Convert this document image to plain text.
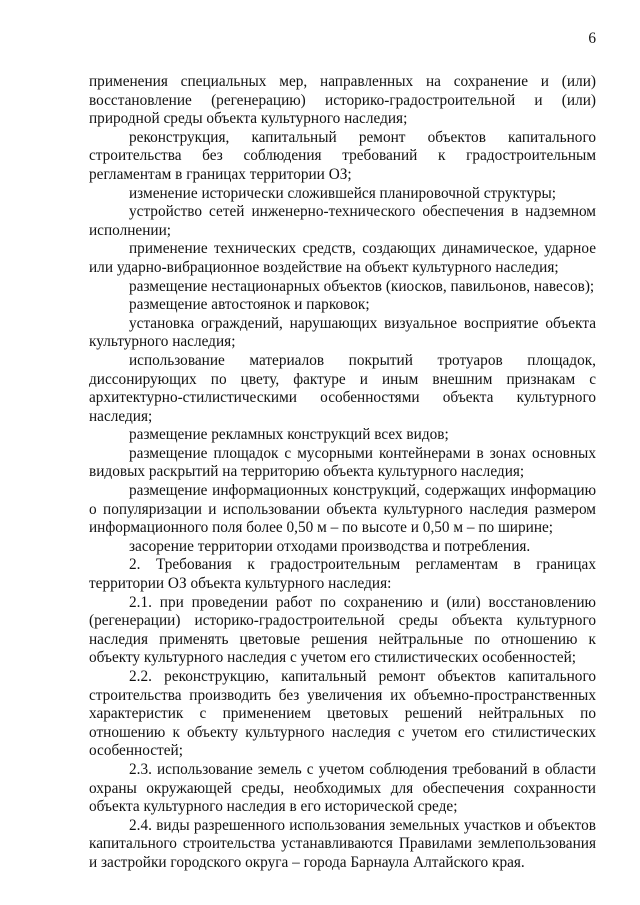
6

применения специальных мер, направленных на сохранение и (или) восстановление (регенерацию) историко-градостроительной и (или) природной среды объекта культурного наследия;

реконструкция, капитальный ремонт объектов капитального строительства без соблюдения требований к градостроительным регламентам в границах территории ОЗ;

изменение исторически сложившейся планировочной структуры;

устройство сетей инженерно-технического обеспечения в надземном исполнении;

применение технических средств, создающих динамическое, ударное или ударно-вибрационное воздействие на объект культурного наследия;

размещение нестационарных объектов (киосков, павильонов, навесов);

размещение автостоянок и парковок;

установка ограждений, нарушающих визуальное восприятие объекта культурного наследия;

использование материалов покрытий тротуаров площадок, диссонирующих по цвету, фактуре и иным внешним признакам с архитектурно-стилистическими особенностями объекта культурного наследия;

размещение рекламных конструкций всех видов;

размещение площадок с мусорными контейнерами в зонах основных видовых раскрытий на территорию объекта культурного наследия;

размещение информационных конструкций, содержащих информацию о популяризации и использовании объекта культурного наследия размером информационного поля более 0,50 м – по высоте и 0,50 м – по ширине;

засорение территории отходами производства и потребления.

2. Требования к градостроительным регламентам в границах территории ОЗ объекта культурного наследия:

2.1. при проведении работ по сохранению и (или) восстановлению (регенерации) историко-градостроительной среды объекта культурного наследия применять цветовые решения нейтральные по отношению к объекту культурного наследия с учетом его стилистических особенностей;

2.2. реконструкцию, капитальный ремонт объектов капитального строительства производить без увеличения их объемно-пространственных характеристик с применением цветовых решений нейтральных по отношению к объекту культурного наследия с учетом его стилистических особенностей;

2.3. использование земель с учетом соблюдения требований в области охраны окружающей среды, необходимых для обеспечения сохранности объекта культурного наследия в его исторической среде;

2.4. виды разрешенного использования земельных участков и объектов капитального строительства устанавливаются Правилами землепользования и застройки городского округа – города Барнаула Алтайского края.
